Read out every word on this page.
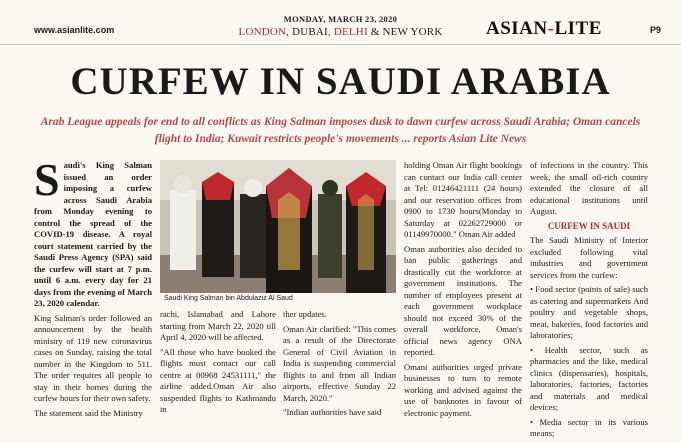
www.asianlite.com
MONDAY, MARCH 23, 2020
LONDON, DUBAI, DELHI & NEW YORK	ASIAN-LITE	P9
CURFEW IN SAUDI ARABIA
Arab League appeals for end to all conflicts as King Salman imposes dusk to dawn curfew across Saudi Arabia; Oman cancels flight to India; Kuwait restricts people's movements ... reports Asian Lite News

Saudi's King Salman issued an order imposing a curfew across Saudi Arabia from Monday evening to control the spread of the COVID-19 disease. A royal court statement carried by the Saudi Press Agency (SPA) said the curfew will start at 7 p.m. until 6 a.m. every day for 21 days from the evening of March 23, 2020 calendar.

King Salman's order followed an announcement by the health ministry of 119 new coronavirus cases on Sunday, raising the total number in the Kingdom to 511. The order requires all people to stay in their homes during the curfew hours for their own safety.

The statement said the Ministry

Saudi King Salman bin Abdulaziz Al Saud

rachi, Islamabad and Lahore starting from March 22, 2020 till April 4, 2020 will be affected.

"All those who have booked the flights must contact our call centre at 00968 24531111," the airline added.Oman Air also suspended flights to Kathmandu in

ther updates.

Oman Air clarified: "This comes as a result of the Directorate General of Civil Aviation in India is suspending commercial flights to and from all Indian airports, effective Sunday 22 March, 2020."

"Indian authorities have said

holding Oman Air flight bookings can contact our India call center at Tel: 01246421111 (24 hours) and our reservation offices from 0900 to 1730 hours(Monday to Saturday at 02262729000 or 01149970000." Oman Air added

Oman authorities also decided to ban public gatherings and drastically cut the workforce at government institutions. The number of employees present at each government workplace should not exceed 30% of the overall workforce, Oman's official news agency ONA reported.

Omani authorities urged private businesses to turn to remote working and advised against the use of banknotes in favour of electronic payment.

of infections in the country. This week, the small oil-rich country extended the closure of all educational institutions until August.

CURFEW IN SAUDI

The Saudi Ministry of Interior excluded following vital industries and government services from the curfew:

• Food sector (points of sale) such as catering and supermarkets And poultry and vegetable shops, meat, bakeries, food factories and laboratories;

• Health sector, such as pharmacies and the like, medical clinics (dispensaries), hospitals, laboratories, factories, factories and materials and medical devices;

• Media sector in its various means;
